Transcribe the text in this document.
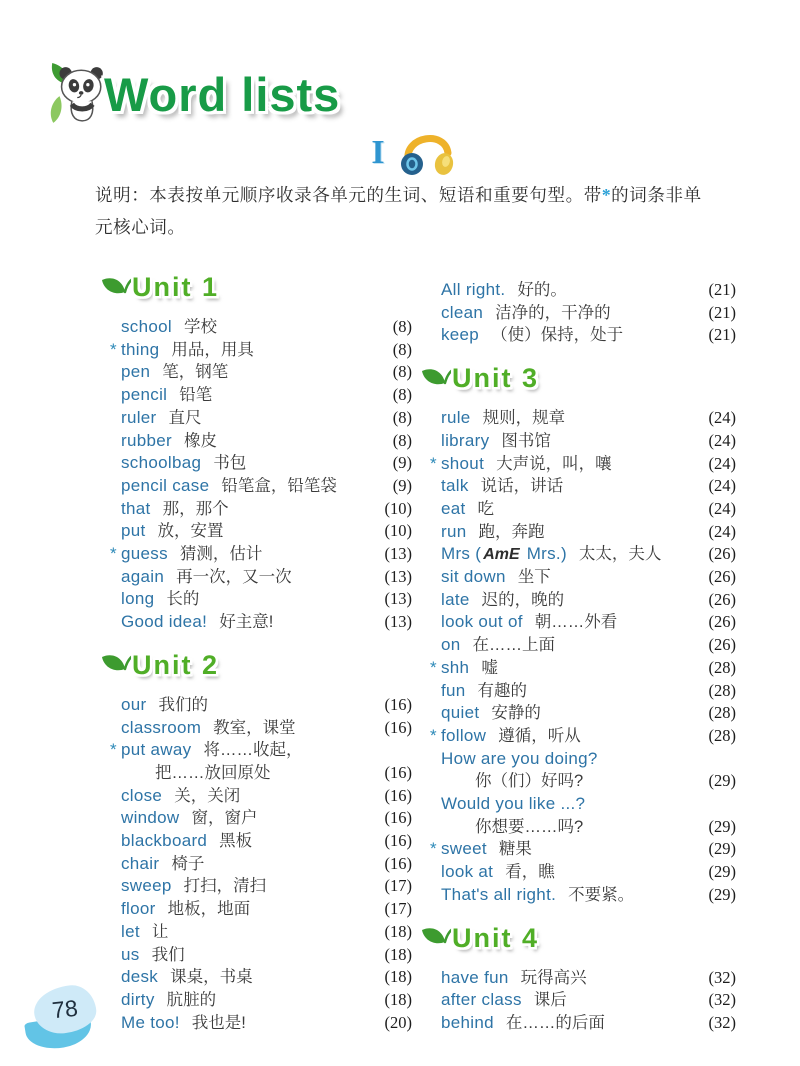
Word lists
I

说明：本表按单元顺序收录各单元的生词、短语和重要句型。带*的词条非单元核心词。

Unit 1
school 学校	(8)
* thing 用品，用具	(8)
pen 笔，钢笔	(8)
pencil 铅笔	(8)
ruler 直尺	(8)
rubber 橡皮	(8)
schoolbag 书包	(9)
pencil case 铅笔盒，铅笔袋	(9)
that 那，那个	(10)
put 放，安置	(10)
* guess 猜测，估计	(13)
again 再一次，又一次	(13)
long 长的	(13)
Good idea! 好主意!	(13)
Unit 2
our 我们的	(16)
classroom 教室，课堂	(16)
* put away 将……收起，
把……放回原处	(16)
close 关，关闭	(16)
window 窗，窗户	(16)
blackboard 黑板	(16)
chair 椅子	(16)
sweep 打扫，清扫	(17)
floor 地板，地面	(17)
let 让	(18)
us 我们	(18)
desk 课桌，书桌	(18)
dirty 肮脏的	(18)
Me too! 我也是!	(20)
All right. 好的。	(21)
clean 洁净的，干净的	(21)
keep （使）保持，处于	(21)
Unit 3
rule 规则，规章	(24)
library 图书馆	(24)
* shout 大声说，叫，嚷	(24)
talk 说话，讲话	(24)
eat 吃	(24)
run 跑，奔跑	(24)
Mrs ( AmE Mrs.) 太太，夫人	(26)
sit down 坐下	(26)
late 迟的，晚的	(26)
look out of 朝……外看	(26)
on 在……上面	(26)
* shh 嘘	(28)
fun 有趣的	(28)
quiet 安静的	(28)
* follow 遵循，听从	(28)
How are you doing?
你（们）好吗?	(29)
Would you like ...?
你想要……吗?	(29)
* sweet 糖果	(29)
look at 看，瞧	(29)
That's all right. 不要紧。	(29)
Unit 4
have fun 玩得高兴	(32)
after class 课后	(32)
behind 在……的后面	(32)
78
